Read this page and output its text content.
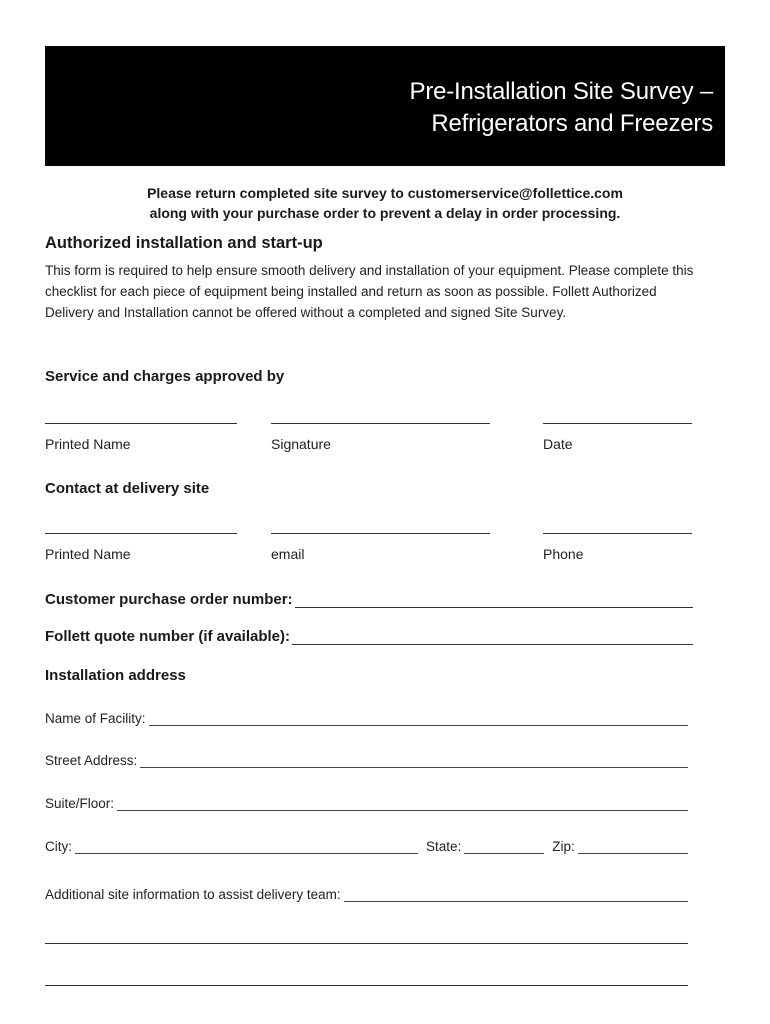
Pre-Installation Site Survey –
Refrigerators and Freezers
Please return completed site survey to customerservice@follettice.com
along with your purchase order to prevent a delay in order processing.
Authorized installation and start-up
This form is required to help ensure smooth delivery and installation of your equipment. Please complete this checklist for each piece of equipment being installed and return as soon as possible. Follett Authorized Delivery and Installation cannot be offered without a completed and signed Site Survey.
Service and charges approved by
Printed Name	Signature	Date
Contact at delivery site
Printed Name	email	Phone
Customer purchase order number:
Follett quote number (if available):
Installation address
Name of Facility:
Street Address:
Suite/Floor:
City:	State:	Zip:
Additional site information to assist delivery team:
